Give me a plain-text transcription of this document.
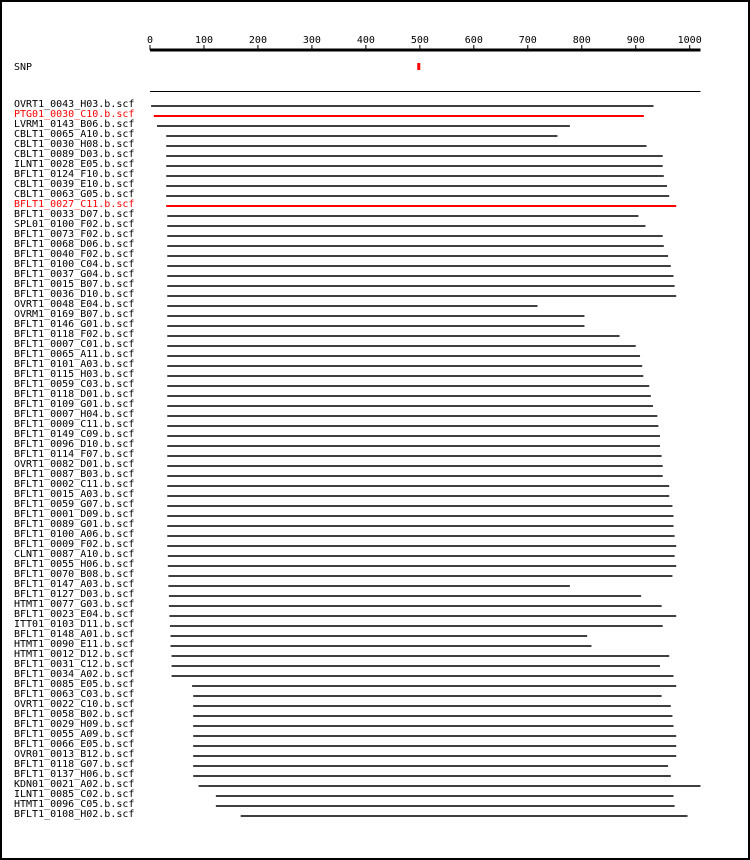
0	100	200	300	400	500	600	700	800	900	1000
SNP
OVRT1_0043_H03.b.scf
PTG01_0030_C10.b.scf
LVRM1_0143_B06.b.scf
CBLT1_0065_A10.b.scf
CBLT1_0030_H08.b.scf
CBLT1_0089_D03.b.scf
ILNT1_0028_E05.b.scf
BFLT1_0124_F10.b.scf
CBLT1_0039_E10.b.scf
CBLT1_0063_G05.b.scf
BFLT1_0027_C11.b.scf
BFLT1_0033_D07.b.scf
SPL01_0100_F02.b.scf
BFLT1_0073_F02.b.scf
BFLT1_0068_D06.b.scf
BFLT1_0040_F02.b.scf
BFLT1_0100_C04.b.scf
BFLT1_0037_G04.b.scf
BFLT1_0015_B07.b.scf
BFLT1_0036_D10.b.scf
OVRT1_0048_E04.b.scf
OVRM1_0169_B07.b.scf
BFLT1_0146_G01.b.scf
BFLT1_0118_F02.b.scf
BFLT1_0007_C01.b.scf
BFLT1_0065_A11.b.scf
BFLT1_0101_A03.b.scf
BFLT1_0115_H03.b.scf
BFLT1_0059_C03.b.scf
BFLT1_0118_D01.b.scf
BFLT1_0109_G01.b.scf
BFLT1_0007_H04.b.scf
BFLT1_0009_C11.b.scf
BFLT1_0149_C09.b.scf
BFLT1_0096_D10.b.scf
BFLT1_0114_F07.b.scf
OVRT1_0082_D01.b.scf
BFLT1_0087_B03.b.scf
BFLT1_0002_C11.b.scf
BFLT1_0015_A03.b.scf
BFLT1_0059_G07.b.scf
BFLT1_0001_D09.b.scf
BFLT1_0089_G01.b.scf
BFLT1_0100_A06.b.scf
BFLT1_0009_F02.b.scf
CLNT1_0087_A10.b.scf
BFLT1_0055_H06.b.scf
BFLT1_0070_B08.b.scf
BFLT1_0147_A03.b.scf
BFLT1_0127_D03.b.scf
HTMT1_0077_G03.b.scf
BFLT1_0023_E04.b.scf
ITT01_0103_D11.b.scf
BFLT1_0148_A01.b.scf
HTMT1_0090_E11.b.scf
HTMT1_0012_D12.b.scf
BFLT1_0031_C12.b.scf
BFLT1_0034_A02.b.scf
BFLT1_0085_E05.b.scf
BFLT1_0063_C03.b.scf
OVRT1_0022_C10.b.scf
BFLT1_0058_B02.b.scf
BFLT1_0029_H09.b.scf
BFLT1_0055_A09.b.scf
BFLT1_0066_E05.b.scf
OVR01_0013_B12.b.scf
BFLT1_0118_G07.b.scf
BFLT1_0137_H06.b.scf
KDN01_0021_A02.b.scf
ILNT1_0085_C02.b.scf
HTMT1_0096_C05.b.scf
BFLT1_0108_H02.b.scf
